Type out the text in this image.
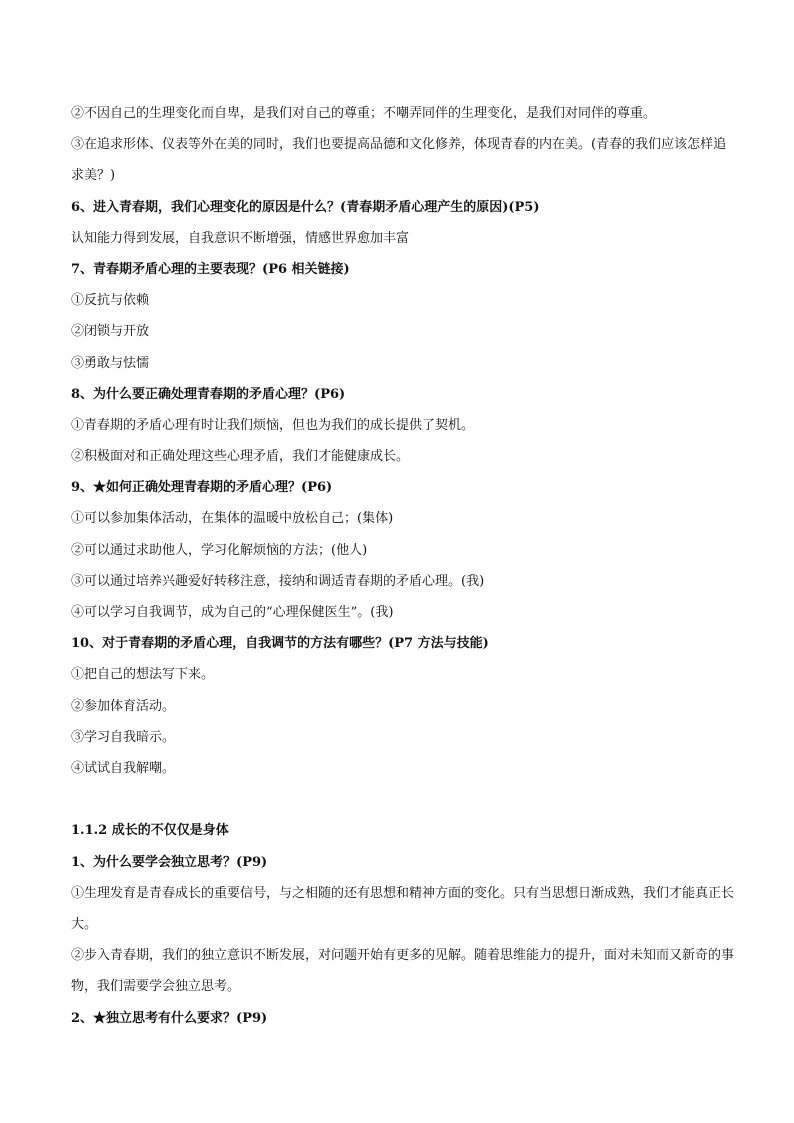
②不因自己的生理变化而自卑，是我们对自己的尊重；不嘲弄同伴的生理变化，是我们对同伴的尊重。
③在追求形体、仪表等外在美的同时，我们也要提高品德和文化修养，体现青春的内在美。(青春的我们应该怎样追求美？)
6、进入青春期，我们心理变化的原因是什么？(青春期矛盾心理产生的原因)(P5)
认知能力得到发展，自我意识不断增强，情感世界愈加丰富
7、青春期矛盾心理的主要表现？(P6 相关链接)
①反抗与依赖
②闭锁与开放
③勇敢与怯懦
8、为什么要正确处理青春期的矛盾心理？(P6)
①青春期的矛盾心理有时让我们烦恼，但也为我们的成长提供了契机。
②积极面对和正确处理这些心理矛盾，我们才能健康成长。
9、★如何正确处理青春期的矛盾心理？(P6)
①可以参加集体活动，在集体的温暖中放松自己；(集体)
②可以通过求助他人，学习化解烦恼的方法；(他人)
③可以通过培养兴趣爱好转移注意，接纳和调适青春期的矛盾心理。(我)
④可以学习自我调节，成为自己的“心理保健医生”。(我)
10、对于青春期的矛盾心理，自我调节的方法有哪些？(P7 方法与技能)
①把自己的想法写下来。
②参加体育活动。
③学习自我暗示。
④试试自我解嘲。
1.1.2 成长的不仅仅是身体
1、为什么要学会独立思考？(P9)
①生理发育是青春成长的重要信号，与之相随的还有思想和精神方面的变化。只有当思想日渐成熟，我们才能真正长大。
②步入青春期，我们的独立意识不断发展，对问题开始有更多的见解。随着思维能力的提升，面对未知而又新奇的事物，我们需要学会独立思考。
2、★独立思考有什么要求？(P9)
